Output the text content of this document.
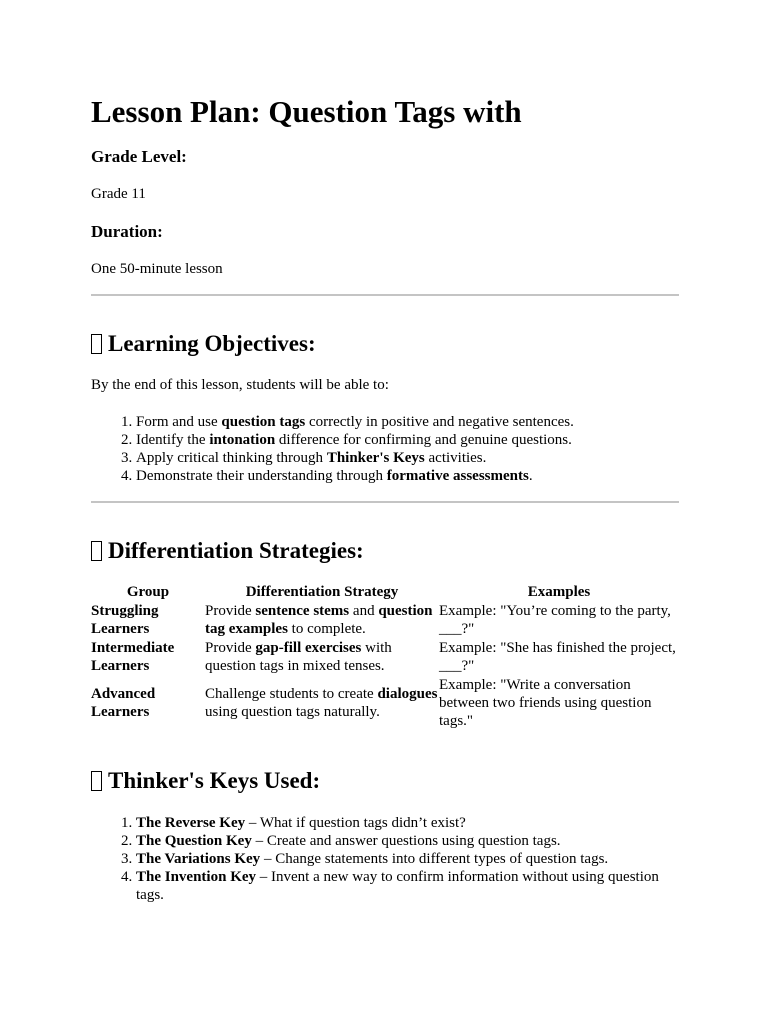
Lesson Plan: Question Tags with

Grade Level:

Grade 11

Duration:

One 50-minute lesson

Learning Objectives:

By the end of this lesson, students will be able to:

1. Form and use question tags correctly in positive and negative sentences.
2. Identify the intonation difference for confirming and genuine questions.
3. Apply critical thinking through Thinker's Keys activities.
4. Demonstrate their understanding through formative assessments.
Differentiation Strategies:
Group	Differentiation Strategy	Examples
Struggling Learners	Provide sentence stems and question tag examples to complete.	Example: "You’re coming to the party, ___?"
Intermediate Learners	Provide gap-fill exercises with question tags in mixed tenses.	Example: "She has finished the project, ___?"
Advanced Learners	Challenge students to create dialogues using question tags naturally.	Example: "Write a conversation between two friends using question tags."
Thinker's Keys Used:
1. The Reverse Key – What if question tags didn’t exist?
2. The Question Key – Create and answer questions using question tags.
3. The Variations Key – Change statements into different types of question tags.
4. The Invention Key – Invent a new way to confirm information without using question tags.
